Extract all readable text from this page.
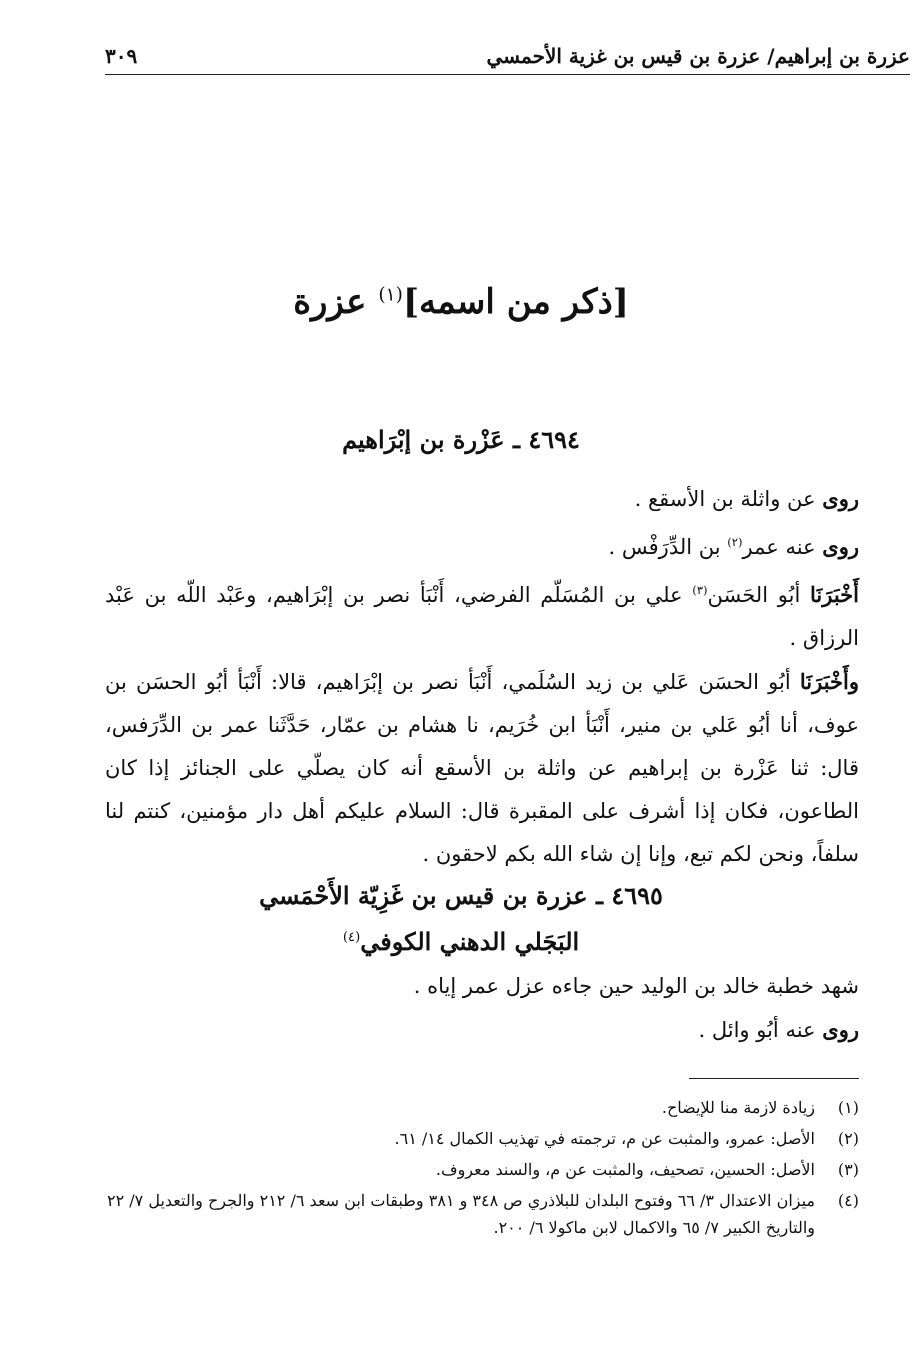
عزرة بن إبراهيم/ عزرة بن قيس بن غزية الأحمسي
٣٠٩
[ذكر من اسمه]$^{(١)}$ عزرة
٤٦٩٤ ـ عَزْرة بن إبْرَاهيم

روى عن واثلة بن الأسقع .

روى عنه عمر$^{(٢)}$ بن الدِّرَفْس .

أَخْبَرَنَا أبُو الحَسَن$^{(٣)}$ علي بن المُسَلّم الفرضي، أَنْبَأ نصر بن إبْرَاهيم، وعَبْد اللّه بن عَبْد الرزاق .

وأَخْبَرَنَا أبُو الحسَن عَلي بن زيد السُلَمي، أَنْبَأ نصر بن إبْرَاهيم، قالا: أَنْبَأ أبُو الحسَن بن عوف، أنا أبُو عَلي بن منير، أَنْبَأ ابن خُرَيم، نا هشام بن عمّار، حَدَّثَنا عمر بن الدِّرَفس، قال: ثنا عَزْرة بن إبراهيم عن واثلة بن الأسقع أنه كان يصلّي على الجنائز إذا كان الطاعون، فكان إذا أشرف على المقبرة قال: السلام عليكم أهل دار مؤمنين، كنتم لنا سلفاً، ونحن لكم تبع، وإنا إن شاء الله بكم لاحقون .

٤٦٩٥ ـ عزرة بن قيس بن غَزِيّة الأَحْمَسي
البَجَلي الدهني الكوفي$^{(٤)}$

شهد خطبة خالد بن الوليد حين جاءه عزل عمر إياه .

روى عنه أبُو وائل .

(١)
زيادة لازمة منا للإيضاح.
(٢)
الأصل: عمرو، والمثبت عن م، ترجمته في تهذيب الكمال ١٤/ ٦١.
(٣)
الأصل: الحسين، تصحيف، والمثبت عن م، والسند معروف.
(٤)
ميزان الاعتدال ٣/ ٦٦ وفتوح البلدان للبلاذري ص ٣٤٨ و ٣٨١ وطبقات ابن سعد ٦/ ٢١٢ والجرح والتعديل ٧/ ٢٢ والتاريخ الكبير ٧/ ٦٥ والاكمال لابن ماكولا ٦/ ٢٠٠.
